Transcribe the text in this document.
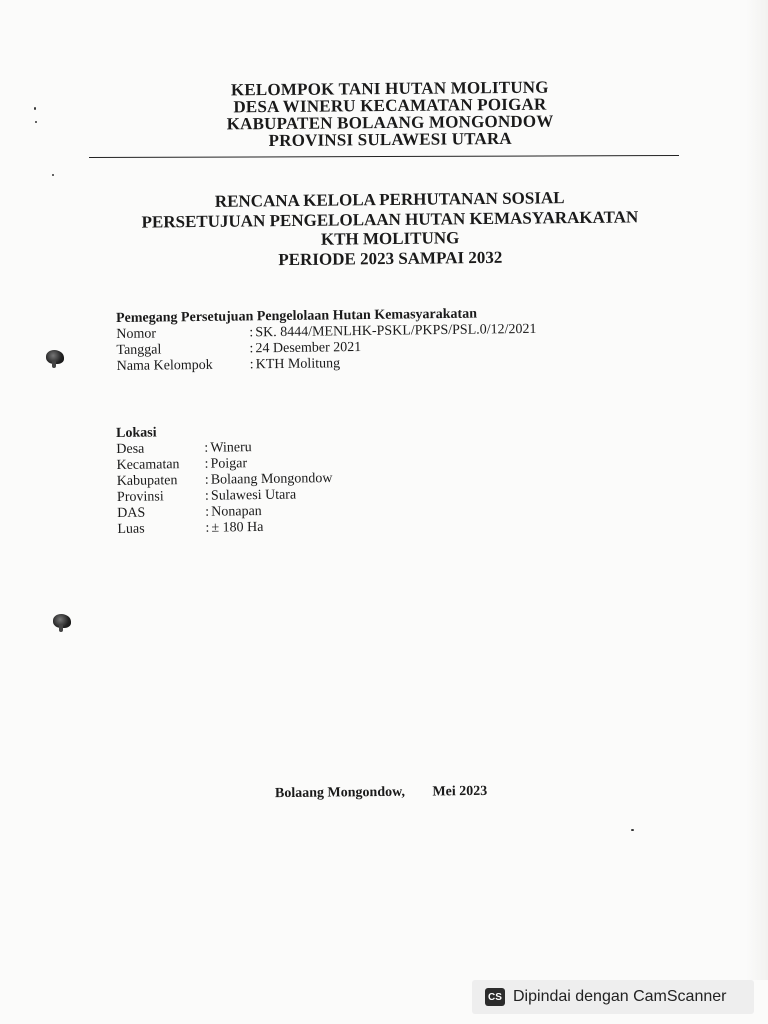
KELOMPOK TANI HUTAN MOLITUNG
DESA WINERU KECAMATAN POIGAR
KABUPATEN BOLAANG MONGONDOW
PROVINSI SULAWESI UTARA
RENCANA KELOLA PERHUTANAN SOSIAL
PERSETUJUAN PENGELOLAAN HUTAN KEMASYARAKATAN
KTH MOLITUNG
PERIODE 2023 SAMPAI 2032
Pemegang Persetujuan Pengelolaan Hutan Kemasyarakatan
Nomor	: SK. 8444/MENLHK-PSKL/PKPS/PSL.0/12/2021
Tanggal	: 24 Desember 2021
Nama Kelompok	: KTH Molitung
Lokasi
Desa	: Wineru
Kecamatan	: Poigar
Kabupaten	: Bolaang Mongondow
Provinsi	: Sulawesi Utara
DAS	: Nonapan
Luas	: ± 180 Ha
Bolaang Mongondow, Mei 2023
CS Dipindai dengan CamScanner
